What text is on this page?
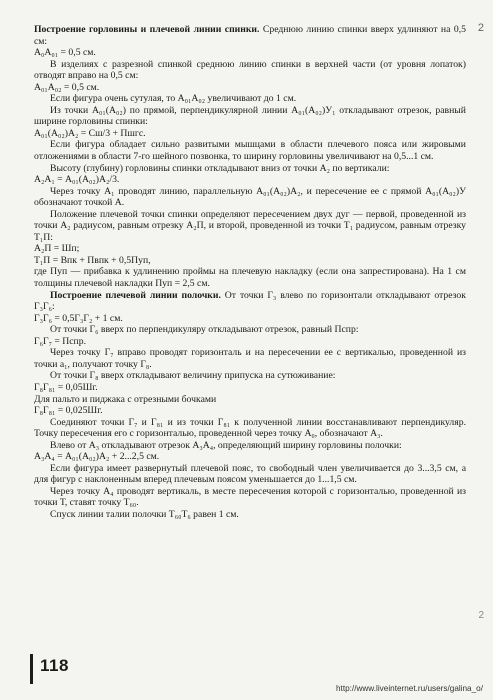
2
2

Построение горловины и плечевой линии спинки. Среднюю линию спинки вверх удлиняют на 0,5 см:

А₀А₀₁ = 0,5 см.

В изделиях с разрезной спинкой среднюю линию спинки в верхней части (от уровня лопаток) отводят вправо на 0,5 см:

А₀₁А₀₂ = 0,5 см.

Если фигура очень сутулая, то А₀₁А₀₂ увеличивают до 1 см.

Из точки А₀₁(А₀₂) по прямой, перпендикулярной линии А₀₁(А₀₂)У₁ откладывают отрезок, равный ширине горловины спинки:

А₀₁(А₀₂)А₂ = Сш/3 + Пшгс.

Если фигура обладает сильно развитыми мышцами в области плечевого пояса или жировыми отложениями в области 7-го шейного позвонка, то ширину горловины увеличивают на 0,5...1 см.

Высоту (глубину) горловины спинки откладывают вниз от точки А₂ по вертикали:

А₂А₁ = А₀₁(А₀₂)А₂/3.

Через точку А₁ проводят линию, параллельную А₀₁(А₀₂)А₂, и пересечение ее с прямой А₀₁(А₀₂)У обозначают точкой А.

Положение плечевой точки спинки определяют пересечением двух дуг — первой, проведенной из точки А₂ радиусом, равным отрезку А₂П, и второй, проведенной из точки Т₁ радиусом, равным отрезку Т₁П:

А₂П = Шп;

Т₁П = Впк + Пвпк + 0,5Пуп,

где Пуп — прибавка к удлинению проймы на плечевую накладку (если она запрестирована). На 1 см толщины плечевой накладки Пуп = 2,5 см.

Построение плечевой линии полочки. От точки Г₃ влево по горизонтали откладывают отрезок Г₃Г₆:

Г₃Г₆ = 0,5Г₃Г₂ + 1 см.

От точки Г₆ вверх по перпендикуляру откладывают отрезок, равный Пспр:

Г₆Г₇ = Пспр.

Через точку Г₇ вправо проводят горизонталь и на пересечении ее с вертикалью, проведенной из точки а₁, получают точку Г₈.

От точки Г₈ вверх откладывают величину припуска на сутюживание:

Г₈Г₈₁ = 0,05Шг.

Для пальто и пиджака с отрезными бочками

Г₈Г₈₁ = 0,025Шг.

Соединяют точки Г₇ и Г₈₁ и из точки Г₈₁ к полученной линии восстанавливают перпендикуляр. Точку пересечения его с горизонталью, проведенной через точку А₀, обозначают А₃.

Влево от А₃ откладывают отрезок А₃А₄, определяющий ширину горловины полочки:

А₃А₄ = А₀₁(А₀₂)А₂ + 2...2,5 см.

Если фигура имеет развернутый плечевой пояс, то свободный член увеличивается до 3...3,5 см, а для фигур с наклоненным вперед плечевым поясом уменьшается до 1...1,5 см.

Через точку А₄ проводят вертикаль, в месте пересечения которой с горизонталью, проведенной из точки Т, ставят точку Т₆₀.

Спуск линии талии полочки Т₆₀Т₆ равен 1 см.

118
http://www.liveinternet.ru/users/galina_o/
